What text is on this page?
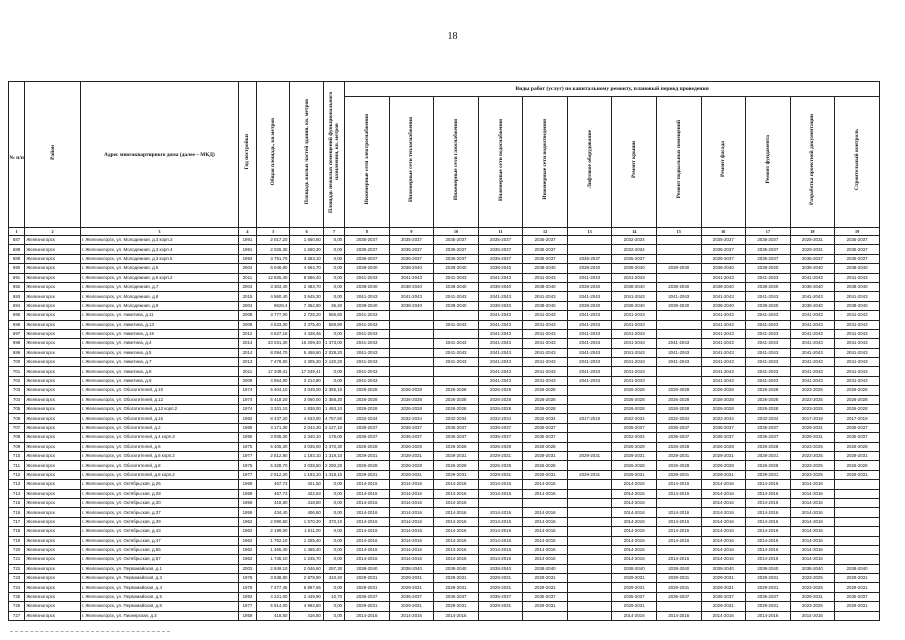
18
№ п/п	Район	Адрес многоквартирного дома (далее – МКД)	Год постройки	Общая площадь, кв.метров	Площадь жилых частей здания, кв. метров	Площадь нежилых помещений функционального назначения, кв. метров	Виды работ (услуг) по капитальному ремонту, плановый период проведения											
							Инженерные сети электроснабжения	Инженерные сети теплоснабжения	Инженерные сети газоснабжения	Инженерные сети водоснабжения	Инженерные сети водоотведения	Лифтовое оборудование	Ремонт крыши	Ремонт подвальных помещений	Ремонт фасада	Ремонт фундамента	Разработка проектной документации	Строительный контроль
1	2	3	4	5	6	7	8	9	10	11	12	13	14	15	16	17	18	19
687	Железногорск	г. Железногорск, ул. Молодежная, д.3 корп.3	1991	2 017,20	1 660,60	0,00	2035-2037	2035-2037	2035-2037	2035-2037	2035-2037		2032-2034		2035-2037	2035-2037	2029-2031	2035-2037
688	Железногорск	г. Железногорск, ул. Молодежная, д.3 корп.4	1991	2 026,30	1 660,30	0,00	2035-2037	2035-2037	2035-2037	2035-2037	2035-2037		2032-2034		2035-2037	2035-2037	2029-2031	2035-2037
689	Железногорск	г. Железногорск, ул. Молодежная, д.3 корп.5	1993	3 751,70	3 363,10	0,00	2035-2037	2035-2037	2035-2037	2035-2037	2035-2037	2035-2037	2035-2037		2035-2037	2035-2037	2035-2037	2035-2037
690	Железногорск	г. Железногорск, ул. Молодежная, д.5	2004	6 046,80	4 664,70	0,00	2038-2040	2038-2040	2038-2040	2038-2040	2038-2040	2038-2040	2038-2040	2038-2040	2038-2040	2038-2040	2038-2040	2038-2040
691	Железногорск	г. Железногорск, ул. Молодежная, д.6 корп.2	2011	12 825,40	8 596,40	0,00	2041-2043	2041-2043	2041-2043	2041-2043	2041-2043	2041-2043	2041-2043		2041-2043	2041-2043	2041-2043	2041-2043
692	Железногорск	г. Железногорск, ул. Молодежная, д.7	2004	3 303,40	2 483,70	0,00	2038-2040	2038-2040	2038-2040	2038-2040	2038-2040	2038-2040	2038-2040	2038-2040	2038-2040	2038-2040	2038-2040	2038-2040
693	Железногорск	г. Железногорск, ул. Молодежная, д.8	2015	4 960,40	3 645,30	0,00	2041-2043	2041-2043	2041-2043	2041-2043	2041-2043	2041-2043	2041-2043	2041-2043	2041-2043	2041-2043	2041-2043	2041-2043
694	Железногорск	г. Железногорск, ул. Молодежная, д.9	2004	9628,4	7 362,80	36,40	2038-2040	2038-2040	2038-2040	2038-2040	2038-2040	2038-2040	2038-2040	2038-2040	2038-2040	2038-2040	2038-2040	2038-2040
695	Железногорск	г. Железногорск, ул. Никитина, д.11	2008	3 777,00	2 728,20	555,60	2041-2043			2041-2043	2041-2043	2041-2043	2041-2043		2041-2043	2041-2043	2041-2043	2041-2043
696	Железногорск	г. Железногорск, ул. Никитина, д.13	2008	4 633,30	3 375,40	568,90	2041-2043		2041-2043	2041-2043	2041-2043	2041-2043	2041-2043		2041-2043	2041-2043	2041-2043	2041-2043
697	Железногорск	г. Железногорск, ул. Никитина, д.15	2012	4 527,16	4 428,46	0,00	2041-2043			2041-2043	2041-2043	2041-2043	2041-2043		2041-2043	2041-2043	2041-2043	2041-2043
698	Железногорск	г. Железногорск, ул. Никитина, д.4	2014	23 031,30	15 409,40	1 373,00	2041-2043		2041-2043	2041-2043	2041-2043	2041-2043	2041-2043	2041-2043	2041-2043	2041-2043	2041-2043	2041-2043
699	Железногорск	г. Железногорск, ул. Никитина, д.5	2014	8 094,70	5 458,60	2 028,20	2041-2043		2041-2043	2041-2043	2041-2043	2041-2043	2041-2043	2041-2043	2041-2043	2041-2043	2041-2043	2041-2043
700	Железногорск	г. Железногорск, ул. Никитина, д.7	2013	7 478,50	4 305,30	2 120,20	2041-2043		2041-2043	2041-2043	2041-2043	2041-2043	2041-2043	2041-2043	2041-2043	2041-2043	2041-2043	2041-2043
701	Железногорск	г. Железногорск, ул. Никитина, д.8	2011	17 349,41	17 349,41	0,00	2041-2043			2041-2043	2041-2043	2041-2043	2041-2043		2041-2043	2041-2043	2041-2043	2041-2043
702	Железногорск	г. Железногорск, ул. Никитина, д.9	2009	4 554,90	3 214,80	0,00	2041-2043			2041-2043	2041-2043	2041-2043	2041-2043		2041-2043	2041-2043	2041-2043	2041-2043
703	Железногорск	г. Железногорск, ул. Обогатителей, д.10	1974	5 404,10	3 049,00	2 355,10	2026-2028	2026-2028	2026-2028	2026-2028	2026-2028		2026-2028	2026-2028	2026-2028	2026-2028	2023-2025	2026-2028
704	Железногорск	г. Железногорск, ул. Обогатителей, д.12	1974	5 418,20	3 060,00	2 358,20	2026-2028	2026-2028	2026-2028	2026-2028	2026-2028		2026-2028	2026-2028	2026-2028	2026-2028	2023-2025	2026-2028
705	Железногорск	г. Железногорск, ул. Обогатителей, д.12 корп.2	1974	3 331,10	1 838,00	1 493,10	2026-2028	2026-2028	2026-2028	2026-2028	2026-2028		2026-2028	2026-2028	2026-2028	2026-2028	2023-2025	2026-2028
706	Железногорск	г. Железногорск, ул. Обогатителей, д.16	1982	8 437,20	4 633,90	4 757,50	2032-2034	2032-2034	2032-2034	2032-2034	2032-2034	2017-2019	2032-2034	2032-2034	2032-2034	2032-2034	2017-2019	2017-2019
707	Железногорск	г. Железногорск, ул. Обогатителей, д.2	1989	4 171,30	2 044,30	2 127,10	2035-2037	2035-2037	2035-2037	2035-2037	2035-2037		2035-2037	2035-2037	2035-2037	2035-2037	2029-2031	2035-2037
708	Железногорск	г. Железногорск, ул. Обогатителей, д.4 корп.3	1990	3 935,30	2 340,10	175,00	2035-2037	2035-2037	2035-2037	2035-2037	2035-2037		2032-2034	2035-2037	2035-2037	2035-2037	2029-2031	2035-2037
709	Железногорск	г. Железногорск, ул. Обогатителей, д.6	1975	5 405,30	3 035,00	2 370,30	2026-2028	2026-2028	2026-2028	2026-2028	2026-2028		2026-2028	2026-2028	2026-2028	2026-2028	2023-2025	2026-2028
710	Железногорск	г. Железногорск, ул. Обогатителей, д.6 корп.2	1977	2 512,80	1 193,10	1 319,10	2029-2031	2029-2031	2029-2031	2029-2031	2029-2031	2029-2031	2029-2031	2029-2031	2029-2031	2029-2031	2023-2025	2029-2031
711	Железногорск	г. Железногорск, ул. Обогатителей, д.8	1975	5 328,70	3 038,50	2 290,20	2026-2028	2026-2028	2026-2028	2026-2028	2026-2028		2026-2028	2026-2028	2026-2028	2026-2028	2023-2025	2026-2028
712	Железногорск	г. Железногорск, ул. Обогатителей, д.8 корп.2	1977	2 512,20	1 193,10	1 319,10	2029-2031	2029-2031	2029-2031	2029-2031	2029-2031	2029-2031	2029-2031	2029-2031	2029-2031	2029-2031	2023-2025	2029-2031
713	Железногорск	г. Железногорск, ул. Октябрьская, д.26	1959	457,73	421,50	0,00	2014-2016	2014-2016	2014-2016	2014-2016	2014-2016		2014-2016	2014-2016	2014-2016	2014-2016	2014-2016	
714	Железногорск	г. Железногорск, ул. Октябрьская, д.28	1959	457,73	422,63	0,00	2014-2016	2014-2016	2014-2016	2014-2016	2014-2016		2014-2016	2014-2016	2014-2016	2014-2016	2014-2016	
715	Железногорск	г. Железногорск, ул. Октябрьская, д.30	1959	418,80	418,80	0,00	2014-2016	2014-2016	2014-2016				2014-2016		2014-2016	2014-2016	2014-2016	
716	Железногорск	г. Железногорск, ул. Октябрьская, д.37	1959	434,40	406,80	0,00	2014-2016	2014-2016	2014-2016	2014-2016	2014-2016		2014-2016	2014-2016	2014-2016	2014-2016	2014-2016	
717	Железногорск	г. Железногорск, ул. Октябрьская, д.39	1962	2 090,50	1 570,20	370,10	2014-2016	2014-2016	2014-2016	2014-2016	2014-2016		2014-2016	2014-2016	2014-2016	2014-2016	2014-2016	
718	Железногорск	г. Железногорск, ул. Октябрьская, д.43	1962	2 199,00	1 611,00	0,00	2014-2016	2014-2016	2014-2016	2014-2016	2014-2016		2014-2016	2014-2016	2014-2016	2014-2016	2014-2016	
719	Железногорск	г. Железногорск, ул. Октябрьская, д.47	1962	1 762,10	1 255,40	0,00	2014-2016	2014-2016	2014-2016	2014-2016	2014-2016		2014-2016	2014-2016	2014-2016	2014-2016	2014-2016	
720	Железногорск	г. Железногорск, ул. Октябрьская, д.55	1962	1 465,40	1 465,40	0,00	2014-2016	2014-2016	2014-2016	2014-2016	2014-2016		2014-2016		2014-2016	2014-2016	2014-2016	
721	Железногорск	г. Железногорск, ул. Октябрьская, д.57	1962	1 735,10	1 245,70	0,00	2014-2016	2014-2016	2014-2016	2014-2016	2014-2016		2014-2016	2014-2016	2014-2016	2014-2016	2014-2016	
722	Железногорск	г. Железногорск, ул. Первомайская, д.1	2003	2 849,10	2 046,60	297,30	2038-2040	2038-2040	2038-2040	2038-2040	2038-2040		2038-2040	2038-2040	2038-2040	2038-2040	2038-2040	2038-2040
723	Железногорск	г. Железногорск, ул. Первомайская, д.3	1978	3 638,80	2 878,90	310,40	2029-2031	2029-2031	2029-2031	2029-2031	2029-2031		2029-2031	2029-2031	2029-2031	2029-2031	2023-2025	2029-2031
724	Железногорск	г. Железногорск, ул. Первомайская, д.4	1978	7 477,45	5 897,65	0,00	2029-2031	2029-2031	2029-2031	2029-2031	2029-2031		2029-2031	2029-2031	2029-2031	2029-2031	2023-2025	2029-2031
725	Железногорск	г. Железногорск, ул. Первомайская, д.5	1992	4 221,00	2 449,90	10,70	2035-2037	2035-2037	2035-2037	2035-2037	2035-2037		2035-2037	2035-2037	2035-2037	2035-2037	2029-2031	2035-2037
726	Железногорск	г. Железногорск, ул. Первомайская, д.6	1977	5 914,00	4 992,60	0,00	2029-2031	2029-2031	2029-2031	2029-2031	2029-2031		2029-2031		2029-2031	2029-2031	2023-2025	2029-2031
727	Железногорск	г. Железногорск, ул. Пионерская, д.3	1959	418,50	416,50	0,00	2014-2016	2014-2016	2014-2016				2014-2016	2014-2016	2014-2016	2014-2016	2014-2016	
